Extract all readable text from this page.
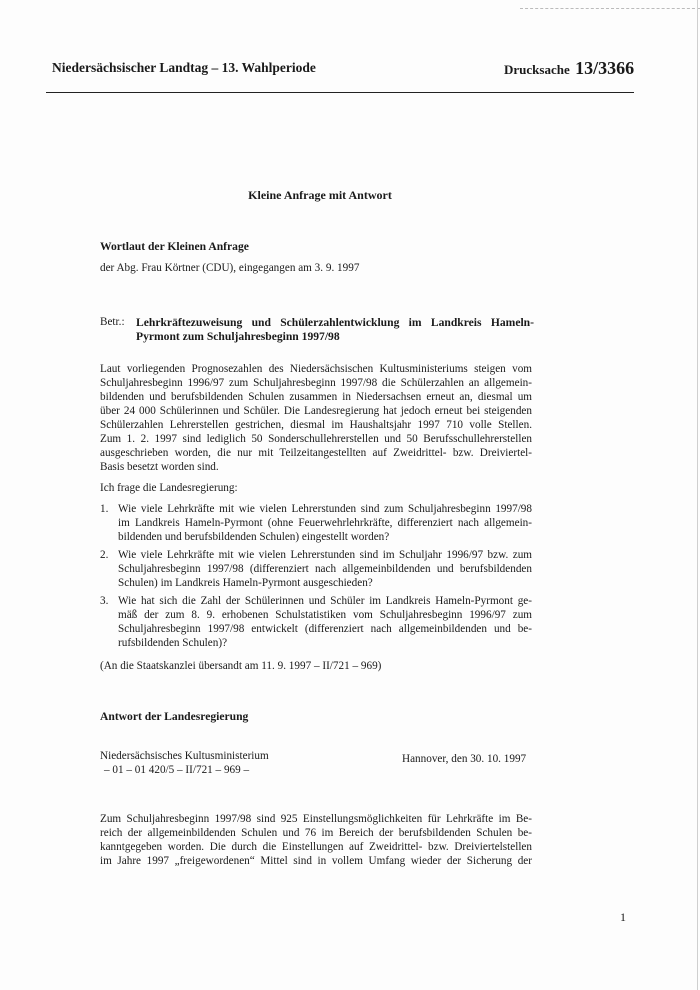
Niedersächsischer Landtag – 13. Wahlperiode	Drucksache 13/3366
Kleine Anfrage mit Antwort
Wortlaut der Kleinen Anfrage
der Abg. Frau Körtner (CDU), eingegangen am 3. 9. 1997
Betr.: Lehrkräftezuweisung und Schülerzahlentwicklung im Landkreis Hameln-
Pyrmont zum Schuljahresbeginn 1997/98
Laut vorliegenden Prognosezahlen des Niedersächsischen Kultusministeriums steigen vom
Schuljahresbeginn 1996/97 zum Schuljahresbeginn 1997/98 die Schülerzahlen an allgemein-
bildenden und berufsbildenden Schulen zusammen in Niedersachsen erneut an, diesmal um
über 24 000 Schülerinnen und Schüler. Die Landesregierung hat jedoch erneut bei steigenden
Schülerzahlen Lehrerstellen gestrichen, diesmal im Haushaltsjahr 1997 710 volle Stellen.
Zum 1. 2. 1997 sind lediglich 50 Sonderschullehrerstellen und 50 Berufsschullehrerstellen
ausgeschrieben worden, die nur mit Teilzeitangestellten auf Zweidrittel- bzw. Dreiviertel-
Basis besetzt worden sind.
Ich frage die Landesregierung:
1. Wie viele Lehrkräfte mit wie vielen Lehrerstunden sind zum Schuljahresbeginn 1997/98
im Landkreis Hameln-Pyrmont (ohne Feuerwehrlehrkräfte, differenziert nach allgemein-
bildenden und berufsbildenden Schulen) eingestellt worden?
2. Wie viele Lehrkräfte mit wie vielen Lehrerstunden sind im Schuljahr 1996/97 bzw. zum
Schuljahresbeginn 1997/98 (differenziert nach allgemeinbildenden und berufsbildenden
Schulen) im Landkreis Hameln-Pyrmont ausgeschieden?
3. Wie hat sich die Zahl der Schülerinnen und Schüler im Landkreis Hameln-Pyrmont ge-
mäß der zum 8. 9. erhobenen Schulstatistiken vom Schuljahresbeginn 1996/97 zum
Schuljahresbeginn 1997/98 entwickelt (differenziert nach allgemeinbildenden und be-
rufsbildenden Schulen)?
(An die Staatskanzlei übersandt am 11. 9. 1997 – II/721 – 969)
Antwort der Landesregierung
Niedersächsisches Kultusministerium
– 01 – 01 420/5 – II/721 – 969 –
Hannover, den 30. 10. 1997
Zum Schuljahresbeginn 1997/98 sind 925 Einstellungsmöglichkeiten für Lehrkräfte im Be-
reich der allgemeinbildenden Schulen und 76 im Bereich der berufsbildenden Schulen be-
kanntgegeben worden. Die durch die Einstellungen auf Zweidrittel- bzw. Dreiviertelstellen
im Jahre 1997 „freigewordenen“ Mittel sind in vollem Umfang wieder der Sicherung der
1
